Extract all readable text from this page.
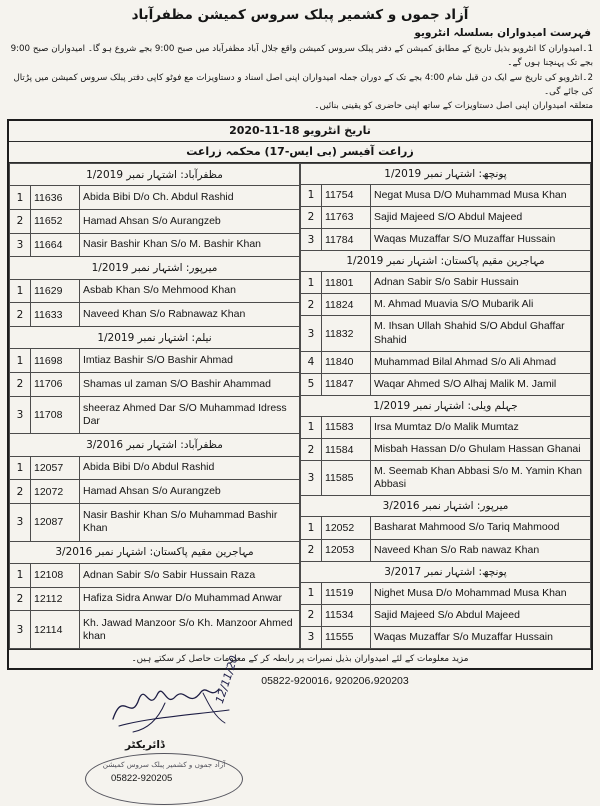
آزاد جموں و کشمیر پبلک سروس کمیشن مظفرآباد
فہرست امیدواران بسلسلہ انٹرویو
1۔امیدواران کا انٹرویو بذیل تاریخ کے مطابق کمیشن کے دفتر پبلک سروس کمیشن واقع جلال آباد مظفرآباد میں صبح 9:00 بجے شروع ہو گا۔ امیدواران صبح 9:00 بجے تک پہنچنا ہوں گے۔
2۔انٹرویو کی تاریخ سے ایک دن قبل شام 4:00 بجے تک کے دوران جملہ امیدواران اپنی اصل اسناد و دستاویزات مع فوٹو کاپی دفتر پبلک سروس کمیشن میں پڑتال کی جائے گی۔
متعلقہ امیدواران اپنی اصل دستاویزات کے ساتھ اپنی حاضری کو یقینی بنائیں۔
تاریخ انٹرویو 18-11-2020
زراعت آفیسر (بی ایس-17) محکمہ زراعت
مظفرآباد: اشتہار نمبر 1/2019		
1	11636	Abida Bibi D/o Ch. Abdul Rashid
2	11652	Hamad Ahsan S/o Aurangzeb
3	11664	Nasir Bashir Khan S/o M. Bashir Khan
میرپور: اشتہار نمبر 1/2019		
1	11629	Asbab Khan S/o Mehmood Khan
2	11633	Naveed Khan S/o Rabnawaz Khan
نیلم: اشتہار نمبر 1/2019		
1	11698	Imtiaz Bashir S/O Bashir Ahmad
2	11706	Shamas ul zaman S/O Bashir Ahammad
3	11708	sheeraz Ahmed Dar S/O Muhammad Idress Dar
مظفرآباد: اشتہار نمبر 3/2016		
1	12057	Abida Bibi D/o Abdul Rashid
2	12072	Hamad Ahsan S/o Aurangzeb
3	12087	Nasir Bashir Khan S/o Muhammad Bashir Khan
مہاجرین مقیم پاکستان: اشتہار نمبر 3/2016		
1	12108	Adnan Sabir S/o Sabir Hussain Raza
2	12112	Hafiza Sidra Anwar D/o Muhammad Anwar
3	12114	Kh. Jawad Manzoor S/o Kh. Manzoor Ahmed khan
پونچھ: اشتہار نمبر 1/2019		
1	11754	Negat Musa D/O Muhammad Musa Khan
2	11763	Sajid Majeed S/O Abdul Majeed
3	11784	Waqas Muzaffar S/O Muzaffar Hussain
مہاجرین مقیم پاکستان: اشتہار نمبر 1/2019		
1	11801	Adnan Sabir S/o Sabir Hussain
2	11824	M. Ahmad Muavia S/O Mubarik Ali
3	11832	M. Ihsan Ullah Shahid S/O Abdul Ghaffar Shahid
4	11840	Muhammad Bilal Ahmad S/o Ali Ahmad
5	11847	Waqar Ahmed S/O Alhaj Malik M. Jamil
جہلم ویلی: اشتہار نمبر 1/2019		
1	11583	Irsa Mumtaz D/o Malik Mumtaz
2	11584	Misbah Hassan D/o Ghulam Hassan Ghanai
3	11585	M. Seemab Khan Abbasi S/o M. Yamin Khan Abbasi
میرپور: اشتہار نمبر 3/2016		
1	12052	Basharat Mahmood S/o Tariq Mahmood
2	12053	Naveed Khan S/o Rab nawaz Khan
پونچھ: اشتہار نمبر 3/2017		
1	11519	Nighet Musa D/o Mohammad Musa Khan
2	11534	Sajid Majeed S/o Abdul Majeed
3	11555	Waqas Muzaffar S/o Muzaffar Hussain
مزید معلومات کے لئے امیدواران بذیل نمبرات پر رابطہ کر کے معلومات حاصل کر سکتے ہیں۔
05822-920016، 920206،920203
12/11/20
ڈائریکٹر
آزاد جموں و کشمیر پبلک سروس کمیشن
05822-920205
